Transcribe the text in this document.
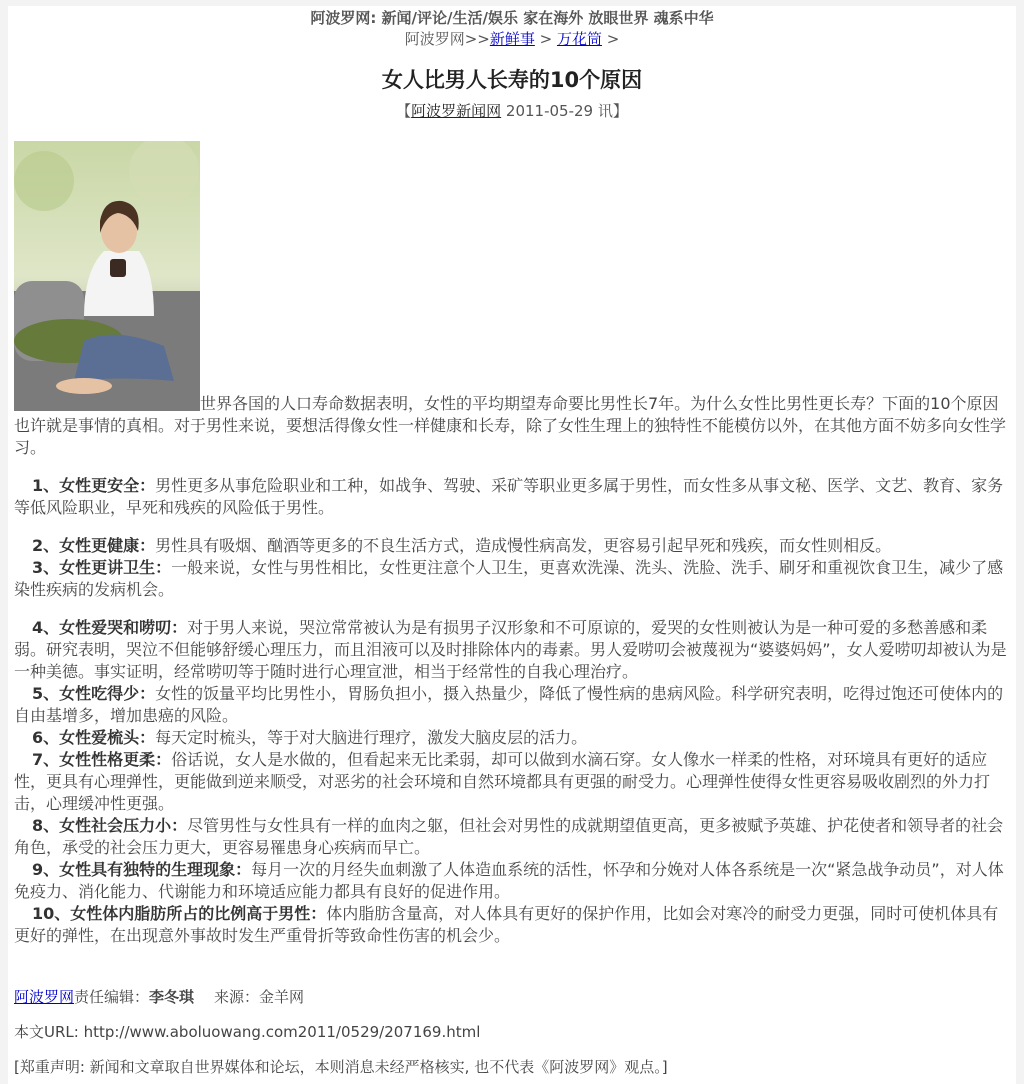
阿波罗网: 新闻/评论/生活/娱乐 家在海外 放眼世界 魂系中华
阿波罗网>>新鲜事 > 万花筒 >
女人比男人长寿的10个原因
【阿波罗新闻网 2011-05-29 讯】

世界各国的人口寿命数据表明，女性的平均期望寿命要比男性长7年。为什么女性比男性更长寿？下面的10个原因也许就是事情的真相。对于男性来说，要想活得像女性一样健康和长寿，除了女性生理上的独特性不能模仿以外，在其他方面不妨多向女性学习。

1、女性更安全：男性更多从事危险职业和工种，如战争、驾驶、采矿等职业更多属于男性，而女性多从事文秘、医学、文艺、教育、家务等低风险职业，早死和残疾的风险低于男性。

2、女性更健康：男性具有吸烟、酗酒等更多的不良生活方式，造成慢性病高发，更容易引起早死和残疾，而女性则相反。

3、女性更讲卫生：一般来说，女性与男性相比，女性更注意个人卫生，更喜欢洗澡、洗头、洗脸、洗手、刷牙和重视饮食卫生，减少了感染性疾病的发病机会。

4、女性爱哭和唠叨：对于男人来说，哭泣常常被认为是有损男子汉形象和不可原谅的，爱哭的女性则被认为是一种可爱的多愁善感和柔弱。研究表明，哭泣不但能够舒缓心理压力，而且泪液可以及时排除体内的毒素。男人爱唠叨会被蔑视为“婆婆妈妈”，女人爱唠叨却被认为是一种美德。事实证明，经常唠叨等于随时进行心理宣泄，相当于经常性的自我心理治疗。

5、女性吃得少：女性的饭量平均比男性小，胃肠负担小，摄入热量少，降低了慢性病的患病风险。科学研究表明，吃得过饱还可使体内的自由基增多，增加患癌的风险。

6、女性爱梳头：每天定时梳头，等于对大脑进行理疗，激发大脑皮层的活力。

7、女性性格更柔：俗话说，女人是水做的，但看起来无比柔弱，却可以做到水滴石穿。女人像水一样柔的性格，对环境具有更好的适应性，更具有心理弹性，更能做到逆来顺受，对恶劣的社会环境和自然环境都具有更强的耐受力。心理弹性使得女性更容易吸收剧烈的外力打击，心理缓冲性更强。

8、女性社会压力小：尽管男性与女性具有一样的血肉之躯，但社会对男性的成就期望值更高，更多被赋予英雄、护花使者和领导者的社会角色，承受的社会压力更大，更容易罹患身心疾病而早亡。

9、女性具有独特的生理现象：每月一次的月经失血刺激了人体造血系统的活性，怀孕和分娩对人体各系统是一次“紧急战争动员”，对人体免疫力、消化能力、代谢能力和环境适应能力都具有良好的促进作用。

10、女性体内脂肪所占的比例高于男性：体内脂肪含量高，对人体具有更好的保护作用，比如会对寒冷的耐受力更强，同时可使机体具有更好的弹性，在出现意外事故时发生严重骨折等致命性伤害的机会少。

阿波罗网责任编辑：李冬琪 来源：金羊网
本文URL: http://www.aboluowang.com2011/0529/207169.html
[郑重声明: 新闻和文章取自世界媒体和论坛，本则消息未经严格核实, 也不代表《阿波罗网》观点。]
